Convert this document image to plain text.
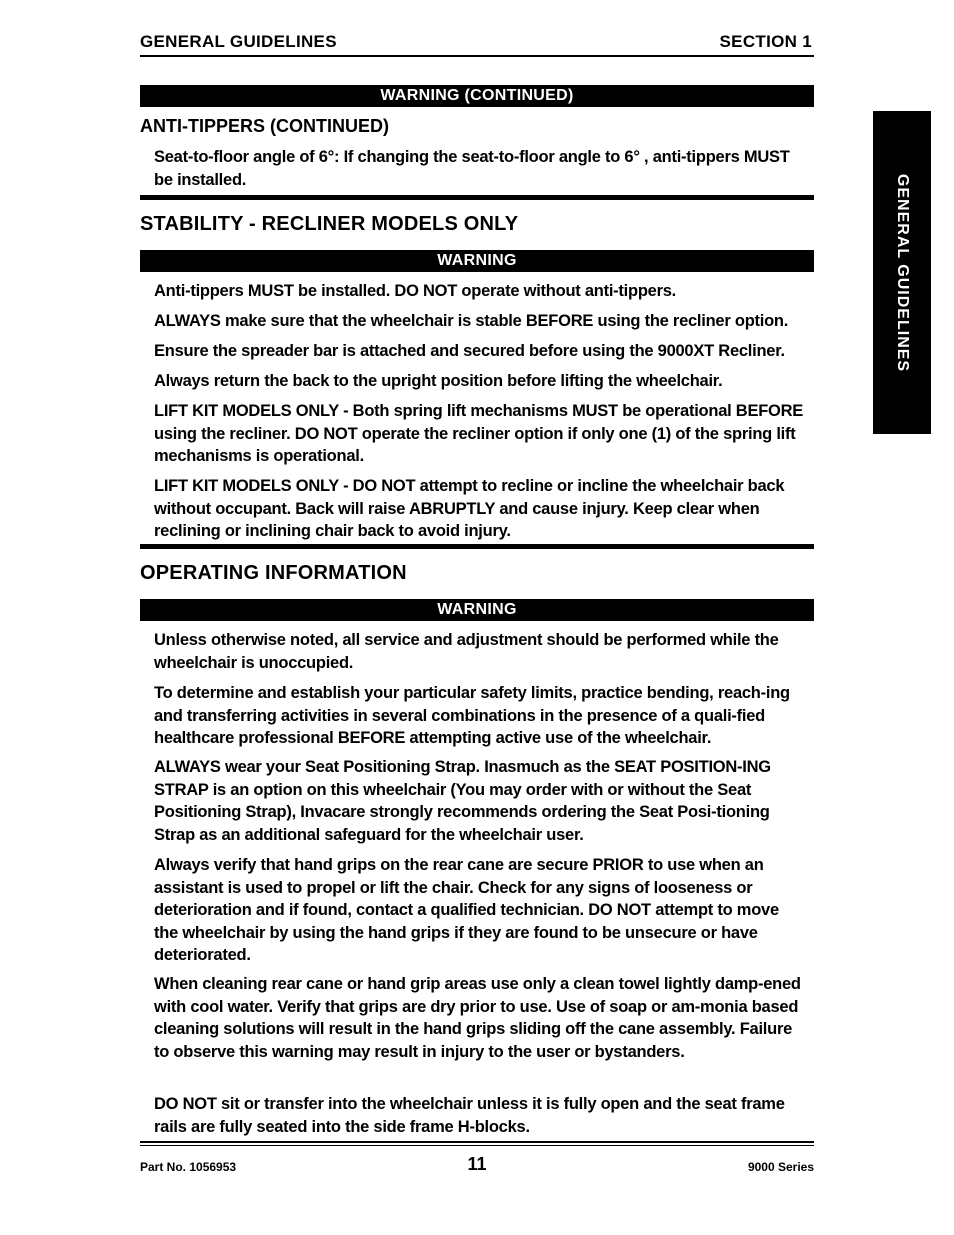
GENERAL GUIDELINES	SECTION 1
WARNING (CONTINUED)
ANTI-TIPPERS (CONTINUED)
Seat-to-floor angle of 6°: If changing the seat-to-floor angle to 6° , anti-tippers MUST be installed.
STABILITY - RECLINER MODELS ONLY
WARNING
Anti-tippers MUST be installed. DO NOT operate without anti-tippers.
ALWAYS make sure that the wheelchair is stable BEFORE using the recliner option.
Ensure the spreader bar is attached and secured before using the 9000XT Recliner.
Always return the back to the upright position before lifting the wheelchair.
LIFT KIT MODELS ONLY - Both spring lift mechanisms MUST be operational BEFORE using the recliner. DO NOT operate the recliner option if only one (1) of the spring lift mechanisms is operational.
LIFT KIT MODELS ONLY - DO NOT attempt to recline or incline the wheelchair back without occupant. Back will raise ABRUPTLY and cause injury. Keep clear when reclining or inclining chair back to avoid injury.
OPERATING INFORMATION
WARNING
Unless otherwise noted, all service and adjustment should be performed while the wheelchair is unoccupied.
To determine and establish your particular safety limits, practice bending, reach-ing and transferring activities in several combinations in the presence of a quali-fied healthcare professional BEFORE attempting active use of the wheelchair.
ALWAYS wear your Seat Positioning Strap. Inasmuch as the SEAT POSITION-ING STRAP is an option on this wheelchair (You may order with or without the Seat Positioning Strap), Invacare strongly recommends ordering the Seat Posi-tioning Strap as an additional safeguard for the wheelchair user.
Always verify that hand grips on the rear cane are secure PRIOR to use when an assistant is used to propel or lift the chair. Check for any signs of looseness or deterioration and if found, contact a qualified technician. DO NOT attempt to move the wheelchair by using the hand grips if they are found to be unsecure or have deteriorated.
When cleaning rear cane or hand grip areas use only a clean towel lightly damp-ened with cool water. Verify that grips are dry prior to use. Use of soap or am-monia based cleaning solutions will result in the hand grips sliding off the cane assembly. Failure to observe this warning may result in injury to the user or bystanders.
DO NOT sit or transfer into the wheelchair unless it is fully open and the seat frame rails are fully seated into the side frame H-blocks.
Part No. 1056953	11	9000 Series
GENERAL GUIDELINES
